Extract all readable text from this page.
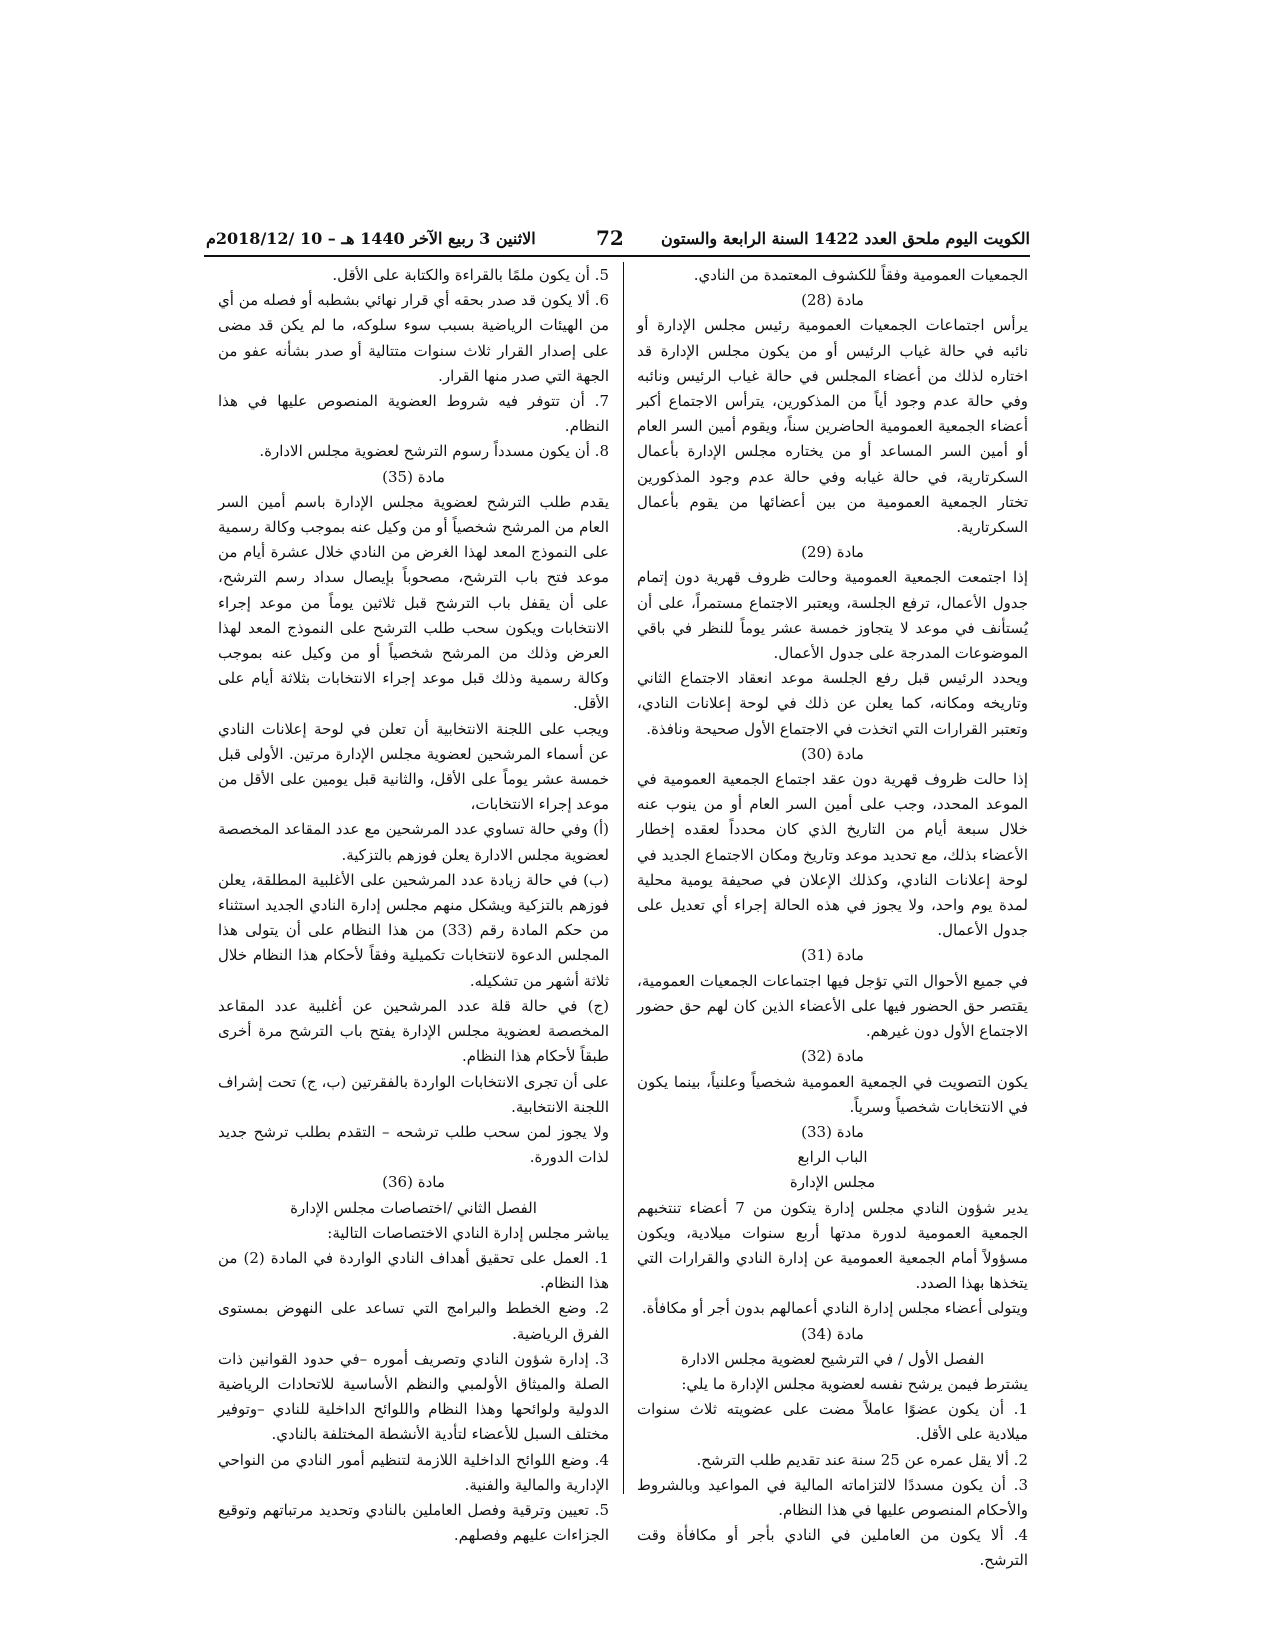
الكويت اليوم ملحق العدد 1422 السنة الرابعة والستون
72
الاثنين 3 ربيع الآخر 1440 هـ – 10 /2018/12م

الجمعيات العمومية وفقاً للكشوف المعتمدة من النادي.

مادة (28)

يرأس اجتماعات الجمعيات العمومية رئيس مجلس الإدارة أو نائبه في حالة غياب الرئيس أو من يكون مجلس الإدارة قد اختاره لذلك من أعضاء المجلس في حالة غياب الرئيس ونائبه وفي حالة عدم وجود أياً من المذكورين، يترأس الاجتماع أكبر أعضاء الجمعية العمومية الحاضرين سناً، ويقوم أمين السر العام أو أمين السر المساعد أو من يختاره مجلس الإدارة بأعمال السكرتارية، في حالة غيابه وفي حالة عدم وجود المذكورين تختار الجمعية العمومية من بين أعضائها من يقوم بأعمال السكرتارية.

مادة (29)

إذا اجتمعت الجمعية العمومية وحالت ظروف قهرية دون إتمام جدول الأعمال، ترفع الجلسة، ويعتبر الاجتماع مستمراً، على أن يُستأنف في موعد لا يتجاوز خمسة عشر يوماً للنظر في باقي الموضوعات المدرجة على جدول الأعمال.

ويحدد الرئيس قبل رفع الجلسة موعد انعقاد الاجتماع الثاني وتاريخه ومكانه، كما يعلن عن ذلك في لوحة إعلانات النادي، وتعتبر القرارات التي اتخذت في الاجتماع الأول صحيحة ونافذة.

مادة (30)

إذا حالت ظروف قهرية دون عقد اجتماع الجمعية العمومية في الموعد المحدد، وجب على أمين السر العام أو من ينوب عنه خلال سبعة أيام من التاريخ الذي كان محدداً لعقده إخطار الأعضاء بذلك، مع تحديد موعد وتاريخ ومكان الاجتماع الجديد في لوحة إعلانات النادي، وكذلك الإعلان في صحيفة يومية محلية لمدة يوم واحد، ولا يجوز في هذه الحالة إجراء أي تعديل على جدول الأعمال.

مادة (31)

في جميع الأحوال التي تؤجل فيها اجتماعات الجمعيات العمومية، يقتصر حق الحضور فيها على الأعضاء الذين كان لهم حق حضور الاجتماع الأول دون غيرهم.

مادة (32)

يكون التصويت في الجمعية العمومية شخصياً وعلنياً، بينما يكون في الانتخابات شخصياً وسرياً.

مادة (33)

الباب الرابع

مجلس الإدارة

يدير شؤون النادي مجلس إدارة يتكون من 7 أعضاء تنتخبهم الجمعية العمومية لدورة مدتها أربع سنوات ميلادية، ويكون مسؤولاً أمام الجمعية العمومية عن إدارة النادي والقرارات التي يتخذها بهذا الصدد.

ويتولى أعضاء مجلس إدارة النادي أعمالهم بدون أجر أو مكافأة.

مادة (34)

الفصل الأول / في الترشيح لعضوية مجلس الادارة

يشترط فيمن يرشح نفسه لعضوية مجلس الإدارة ما يلي:

1. أن يكون عضوًا عاملاً مضت على عضويته ثلاث سنوات ميلادية على الأقل.

2. ألا يقل عمره عن 25 سنة عند تقديم طلب الترشح.

3. أن يكون مسددًا لالتزاماته المالية في المواعيد وبالشروط والأحكام المنصوص عليها في هذا النظام.

4. ألا يكون من العاملين في النادي بأجر أو مكافأة وقت الترشح.

5. أن يكون ملمًا بالقراءة والكتابة على الأقل.

6. ألا يكون قد صدر بحقه أي قرار نهائي بشطبه أو فصله من أي من الهيئات الرياضية بسبب سوء سلوكه، ما لم يكن قد مضى على إصدار القرار ثلاث سنوات متتالية أو صدر بشأنه عفو من الجهة التي صدر منها القرار.

7. أن تتوفر فيه شروط العضوية المنصوص عليها في هذا النظام.

8. أن يكون مسدداً رسوم الترشح لعضوية مجلس الادارة.

مادة (35)

يقدم طلب الترشح لعضوية مجلس الإدارة باسم أمين السر العام من المرشح شخصياً أو من وكيل عنه بموجب وكالة رسمية على النموذج المعد لهذا الغرض من النادي خلال عشرة أيام من موعد فتح باب الترشح، مصحوباً بإيصال سداد رسم الترشح، على أن يقفل باب الترشح قبل ثلاثين يوماً من موعد إجراء الانتخابات ويكون سحب طلب الترشح على النموذج المعد لهذا العرض وذلك من المرشح شخصياً أو من وكيل عنه بموجب وكالة رسمية وذلك قبل موعد إجراء الانتخابات بثلاثة أيام على الأقل.

ويجب على اللجنة الانتخابية أن تعلن في لوحة إعلانات النادي عن أسماء المرشحين لعضوية مجلس الإدارة مرتين. الأولى قبل خمسة عشر يوماً على الأقل، والثانية قبل يومين على الأقل من موعد إجراء الانتخابات،

(أ) وفي حالة تساوي عدد المرشحين مع عدد المقاعد المخصصة لعضوية مجلس الادارة يعلن فوزهم بالتزكية.

(ب) في حالة زيادة عدد المرشحين على الأغلبية المطلقة، يعلن فوزهم بالتزكية ويشكل منهم مجلس إدارة النادي الجديد استثناء من حكم المادة رقم (33) من هذا النظام على أن يتولى هذا المجلس الدعوة لانتخابات تكميلية وفقاً لأحكام هذا النظام خلال ثلاثة أشهر من تشكيله.

(ج) في حالة قلة عدد المرشحين عن أغلبية عدد المقاعد المخصصة لعضوية مجلس الإدارة يفتح باب الترشح مرة أخرى طبقاً لأحكام هذا النظام.

على أن تجرى الانتخابات الواردة بالفقرتين (ب، ج) تحت إشراف اللجنة الانتخابية.

ولا يجوز لمن سحب طلب ترشحه – التقدم بطلب ترشح جديد لذات الدورة.

مادة (36)

الفصل الثاني /اختصاصات مجلس الإدارة

يباشر مجلس إدارة النادي الاختصاصات التالية:

1. العمل على تحقيق أهداف النادي الواردة في المادة (2) من هذا النظام.

2. وضع الخطط والبرامج التي تساعد على النهوض بمستوى الفرق الرياضية.

3. إدارة شؤون النادي وتصريف أموره –في حدود القوانين ذات الصلة والميثاق الأولمبي والنظم الأساسية للاتحادات الرياضية الدولية ولوائحها وهذا النظام واللوائح الداخلية للنادي –وتوفير مختلف السبل للأعضاء لتأدية الأنشطة المختلفة بالنادي.

4. وضع اللوائح الداخلية اللازمة لتنظيم أمور النادي من النواحي الإدارية والمالية والفنية.

5. تعيين وترقية وفصل العاملين بالنادي وتحديد مرتباتهم وتوقيع الجزاءات عليهم وفصلهم.
